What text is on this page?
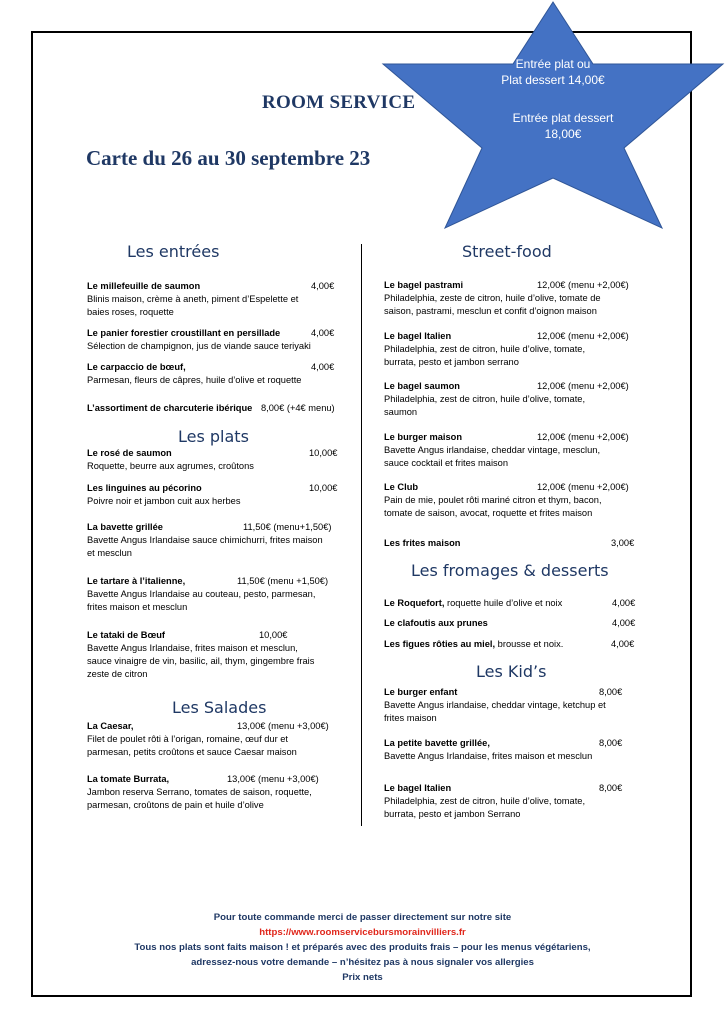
Entrée plat ou
Plat dessert 14,00€
Entrée plat dessert
18,00€
ROOM SERVICE
Carte du 26 au 30 septembre 23
Les entrées
Le millefeuille de saumon	4,00€
Blinis maison, crème à aneth, piment d’Espelette et
baies roses, roquette
Le panier forestier croustillant en persillade	4,00€
Sélection de champignon, jus de viande sauce teriyaki
Le carpaccio de bœuf,	4,00€
Parmesan, fleurs de câpres, huile d’olive et roquette
L’assortiment de charcuterie ibérique 8,00€ (+4€ menu)
Les plats
Le rosé de saumon	10,00€
Roquette, beurre aux agrumes, croûtons
Les linguines au pécorino	10,00€
Poivre noir et jambon cuit aux herbes
La bavette grillée	11,50€ (menu+1,50€)
Bavette Angus Irlandaise sauce chimichurri, frites maison
et mesclun
Le tartare à l’italienne,	11,50€ (menu +1,50€)
Bavette Angus Irlandaise au couteau, pesto, parmesan,
frites maison et mesclun
Le tataki de Bœuf	10,00€
Bavette Angus Irlandaise, frites maison et mesclun,
sauce vinaigre de vin, basilic, ail, thym, gingembre frais
zeste de citron
Les Salades
La Caesar,	13,00€ (menu +3,00€)
Filet de poulet rôti à l’origan, romaine, œuf dur et
parmesan, petits croûtons et sauce Caesar maison
La tomate Burrata,	13,00€ (menu +3,00€)
Jambon reserva Serrano, tomates de saison, roquette,
parmesan, croûtons de pain et huile d’olive
Street-food
Le bagel pastrami	12,00€ (menu +2,00€)
Philadelphia, zeste de citron, huile d’olive, tomate de
saison, pastrami, mesclun et confit d’oignon maison
Le bagel Italien	12,00€ (menu +2,00€)
Philadelphia, zest de citron, huile d’olive, tomate,
burrata, pesto et jambon serrano
Le bagel saumon	12,00€ (menu +2,00€)
Philadelphia, zest de citron, huile d’olive, tomate,
saumon
Le burger maison	12,00€ (menu +2,00€)
Bavette Angus irlandaise, cheddar vintage, mesclun,
sauce cocktail et frites maison
Le Club	12,00€ (menu +2,00€)
Pain de mie, poulet rôti mariné citron et thym, bacon,
tomate de saison, avocat, roquette et frites maison
Les frites maison	3,00€
Les fromages & desserts
Le Roquefort, roquette huile d’olive et noix	4,00€
Le clafoutis aux prunes	4,00€
Les figues rôties au miel, brousse et noix.	4,00€
Les Kid’s
Le burger enfant	8,00€
Bavette Angus irlandaise, cheddar vintage, ketchup et
frites maison
La petite bavette grillée,	8,00€
Bavette Angus Irlandaise, frites maison et mesclun
Le bagel Italien	8,00€
Philadelphia, zest de citron, huile d’olive, tomate,
burrata, pesto et jambon Serrano
Pour toute commande merci de passer directement sur notre site
https://www.roomservicebursmorainvilliers.fr
Tous nos plats sont faits maison ! et préparés avec des produits frais – pour les menus végétariens,
adressez-nous votre demande – n’hésitez pas à nous signaler vos allergies
Prix nets
